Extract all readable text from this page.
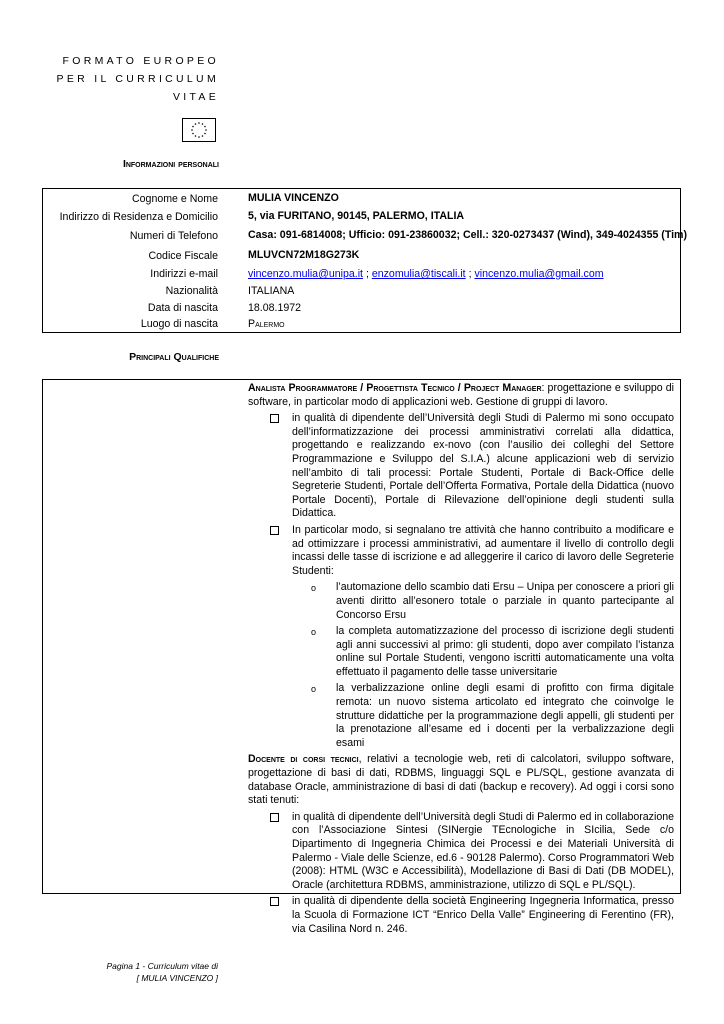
FORMATO EUROPEO
PER IL CURRICULUM
VITAE
Informazioni personali
Cognome e Nome	MULIA VINCENZO
Indirizzo di Residenza e Domicilio	5, via FURITANO, 90145, PALERMO, ITALIA
Numeri di Telefono	Casa: 091-6814008; Ufficio: 091-23860032; Cell.: 320-0273437 (Wind), 349-4024355 (Tim)
Codice Fiscale	MLUVCN72M18G273K
Indirizzi e-mail	vincenzo.mulia@unipa.it ; enzomulia@tiscali.it ; vincenzo.mulia@gmail.com
Nazionalità	ITALIANA
Data di nascita	18.08.1972
Luogo di nascita	Palermo
Principali Qualifiche

Analista Programmatore / Progettista Tecnico / Project Manager: progettazione e sviluppo di software, in particolar modo di applicazioni web. Gestione di gruppi di lavoro.

in qualità di dipendente dell’Università degli Studi di Palermo mi sono occupato dell’informatizzazione dei processi amministrativi correlati alla didattica, progettando e realizzando ex-novo (con l’ausilio dei colleghi del Settore Programmazione e Sviluppo del S.I.A.) alcune applicazioni web di servizio nell’ambito di tali processi: Portale Studenti, Portale di Back-Office delle Segreterie Studenti, Portale dell’Offerta Formativa, Portale della Didattica (nuovo Portale Docenti), Portale di Rilevazione dell’opinione degli studenti sulla Didattica.
In particolar modo, si segnalano tre attività che hanno contribuito a modificare e ad ottimizzare i processi amministrativi, ad aumentare il livello di controllo degli incassi delle tasse di iscrizione e ad alleggerire il carico di lavoro delle Segreterie Studenti:
o l’automazione dello scambio dati Ersu – Unipa per conoscere a priori gli aventi diritto all’esonero totale o parziale in quanto partecipante al Concorso Ersu
o la completa automatizzazione del processo di iscrizione degli studenti agli anni successivi al primo: gli studenti, dopo aver compilato l’istanza online sul Portale Studenti, vengono iscritti automaticamente una volta effettuato il pagamento delle tasse universitarie
o la verbalizzazione online degli esami di profitto con firma digitale remota: un nuovo sistema articolato ed integrato che coinvolge le strutture didattiche per la programmazione degli appelli, gli studenti per la prenotazione all’esame ed i docenti per la verbalizzazione degli esami

Docente di corsi tecnici, relativi a tecnologie web, reti di calcolatori, sviluppo software, progettazione di basi di dati, RDBMS, linguaggi SQL e PL/SQL, gestione avanzata di database Oracle, amministrazione di basi di dati (backup e recovery). Ad oggi i corsi sono stati tenuti:

in qualità di dipendente dell’Università degli Studi di Palermo ed in collaborazione con l’Associazione Sintesi (SINergie TEcnologiche in SIcilia, Sede c/o Dipartimento di Ingegneria Chimica dei Processi e dei Materiali Università di Palermo - Viale delle Scienze, ed.6 - 90128 Palermo). Corso Programmatori Web (2008): HTML (W3C e Accessibilità), Modellazione di Basi di Dati (DB MODEL), Oracle (architettura RDBMS, amministrazione, utilizzo di SQL e PL/SQL).
in qualità di dipendente della società Engineering Ingegneria Informatica, presso la Scuola di Formazione ICT “Enrico Della Valle” Engineering di Ferentino (FR), via Casilina Nord n. 246.
Pagina 1 - Curriculum vitae di
[ MULIA VINCENZO ]
